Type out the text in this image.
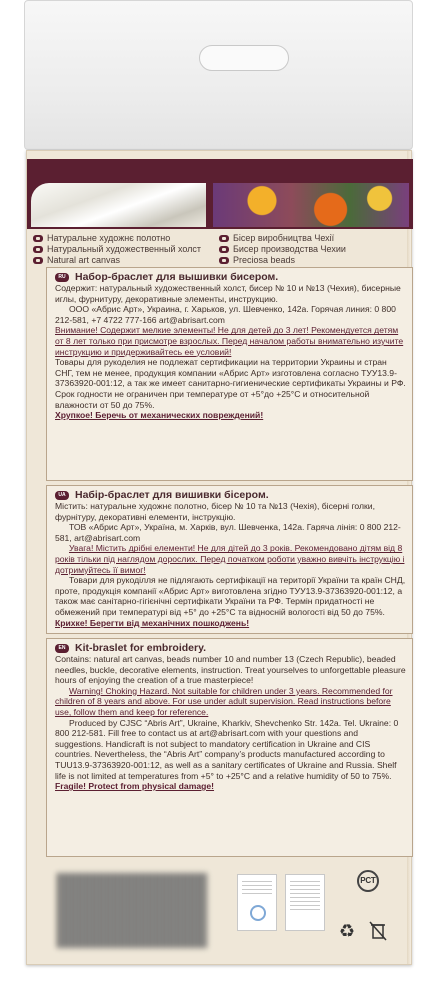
Натуральне художнє полотно
Натуральный художественный холст
Natural art canvas
Бісер виробництва Чехії
Бисер производства Чехии
Preciosa beads
RU Набор-браслет для вышивки бисером.

Содержит: натуральный художественный холст, бисер № 10 и №13 (Чехия), бисерные иглы, фурнитуру, декоративные элементы, инструкцию.

ООО «Абрис Арт», Украина, г. Харьков, ул. Шевченко, 142а. Горячая линия: 0 800 212-581, +7 4722 777-166 art@abrisart.com

Внимание! Содержит мелкие элементы! Не для детей до 3 лет! Рекомендуется детям от 8 лет только при присмотре взрослых. Перед началом работы внимательно изучите инструкцию и придерживайтесь ее условий!

Товары для рукоделия не подлежат сертификации на территории Украины и стран СНГ, тем не менее, продукция компании «Абрис Арт» изготовлена согласно ТУУ13.9-37363920-001:12, а так же имеет санитарно-гигиенические сертификаты Украины и РФ. Срок годности не ограничен при температуре от +5°до +25°С и относительной влажности от 50 до 75%.

Хрупкое! Беречь от механических повреждений!

UA Набір-браслет для вишивки бісером.

Містить: натуральне художнє полотно, бісер № 10 та №13 (Чехія), бісерні голки, фурнітуру, декоративні елементи, інструкцію.

ТОВ «Абрис Арт», Україна, м. Харків, вул. Шевченка, 142а. Гаряча лінія: 0 800 212-581, art@abrisart.com

Увага! Містить дрібні елементи! Не для дітей до 3 років. Рекомендовано дітям від 8 років тільки під наглядом дорослих. Перед початком роботи уважно вивчіть інструкцію і дотримуйтесь її вимог!

Товари для рукоділля не підлягають сертифікації на території України та країн СНД, проте, продукція компанії «Абрис Арт» виготовлена згідно ТУУ13.9-37363920-001:12, а також має санітарно-гігієнічні сертифікати України та РФ. Термін придатності не обмежений при температурі від +5° до +25°С та відносній вологості від 50 до 75%.

Крихке! Берегти від механічних пошкоджень!

EN Kit-braslet for embroidery.

Contains: natural art canvas, beads number 10 and number 13 (Czech Republic), beaded needles, buckle, decorative elements, instruction. Treat yourselves to unforgettable pleasure hours of enjoying the creation of a true masterpiece!

Warning! Choking Hazard. Not suitable for children under 3 years. Recommended for children of 8 years and above. For use under adult supervision. Read instructions before use, follow them and keep for reference.

Produced by CJSC “Abris Art”, Ukraine, Kharkiv, Shevchenko Str. 142a. Tel. Ukraine: 0 800 212-581. Fill free to contact us at art@abrisart.com with your questions and suggestions. Handicraft is not subject to mandatory certification in Ukraine and CIS countries. Nevertheless, the “Abris Art” company’s products manufactured according to TUU13.9-37363920-001:12, as well as a sanitary certificates of Ukraine and Russia. Shelf life is not limited at temperatures from +5° to +25°C and a relative humidity of 50 to 75%.

Fragile! Protect from physical damage!

РСТ
♻
